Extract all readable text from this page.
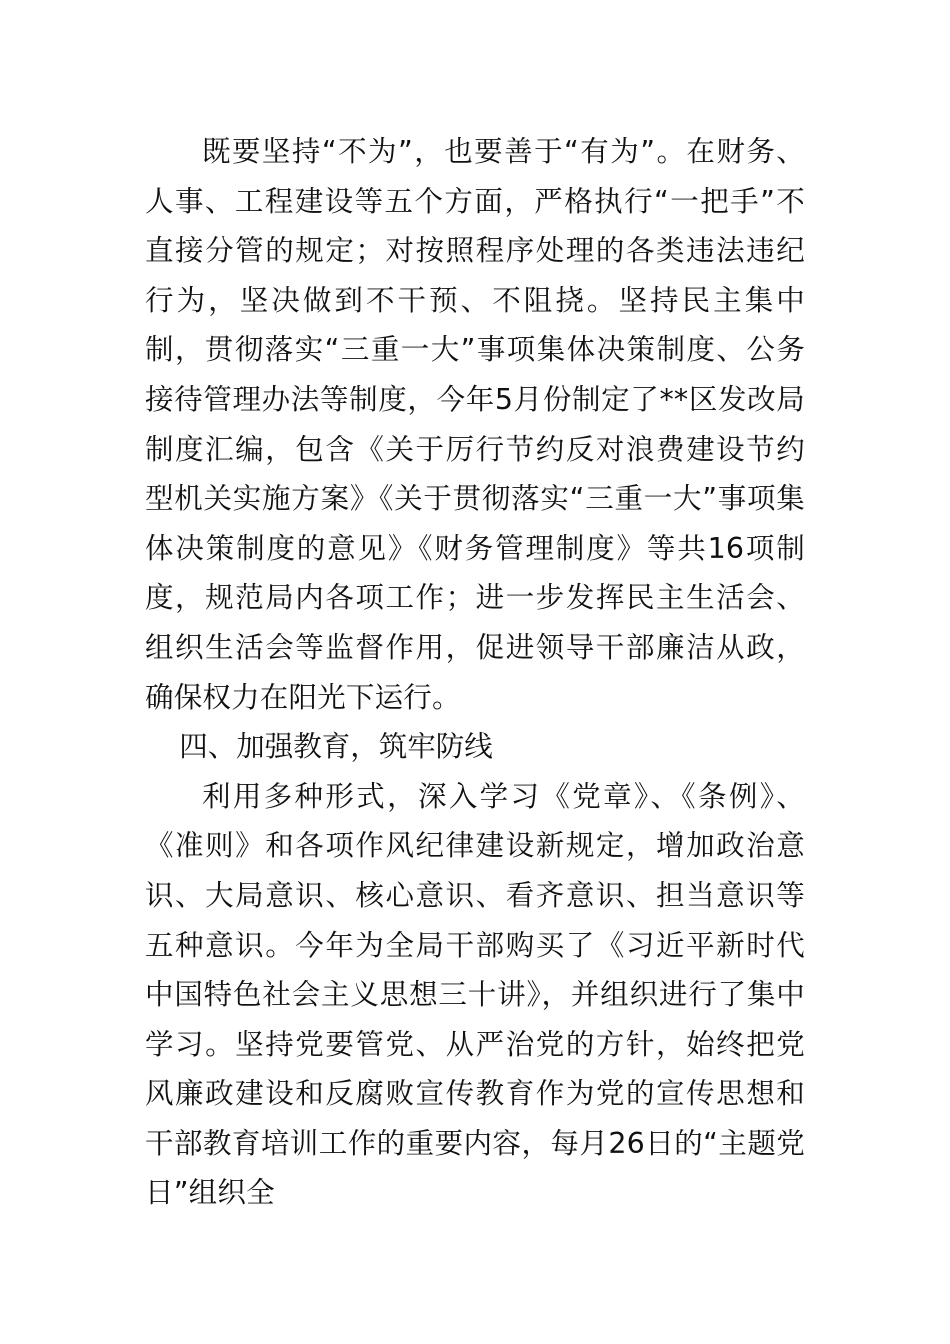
既要坚持“不为”，也要善于“有为”。在财务、人事、工程建设等五个方面，严格执行“一把手”不直接分管的规定；对按照程序处理的各类违法违纪行为，坚决做到不干预、不阻挠。坚持民主集中制，贯彻落实“三重一大”事项集体决策制度、公务接待管理办法等制度，今年5月份制定了**区发改局制度汇编，包含《关于厉行节约反对浪费建设节约型机关实施方案》《关于贯彻落实“三重一大”事项集体决策制度的意见》《财务管理制度》等共16项制度，规范局内各项工作；进一步发挥民主生活会、组织生活会等监督作用，促进领导干部廉洁从政，确保权力在阳光下运行。

四、加强教育，筑牢防线

利用多种形式，深入学习《党章》、《条例》、《准则》和各项作风纪律建设新规定，增加政治意识、大局意识、核心意识、看齐意识、担当意识等五种意识。今年为全局干部购买了《习近平新时代中国特色社会主义思想三十讲》，并组织进行了集中学习。坚持党要管党、从严治党的方针，始终把党风廉政建设和反腐败宣传教育作为党的宣传思想和干部教育培训工作的重要内容，每月26日的“主题党日”组织全
